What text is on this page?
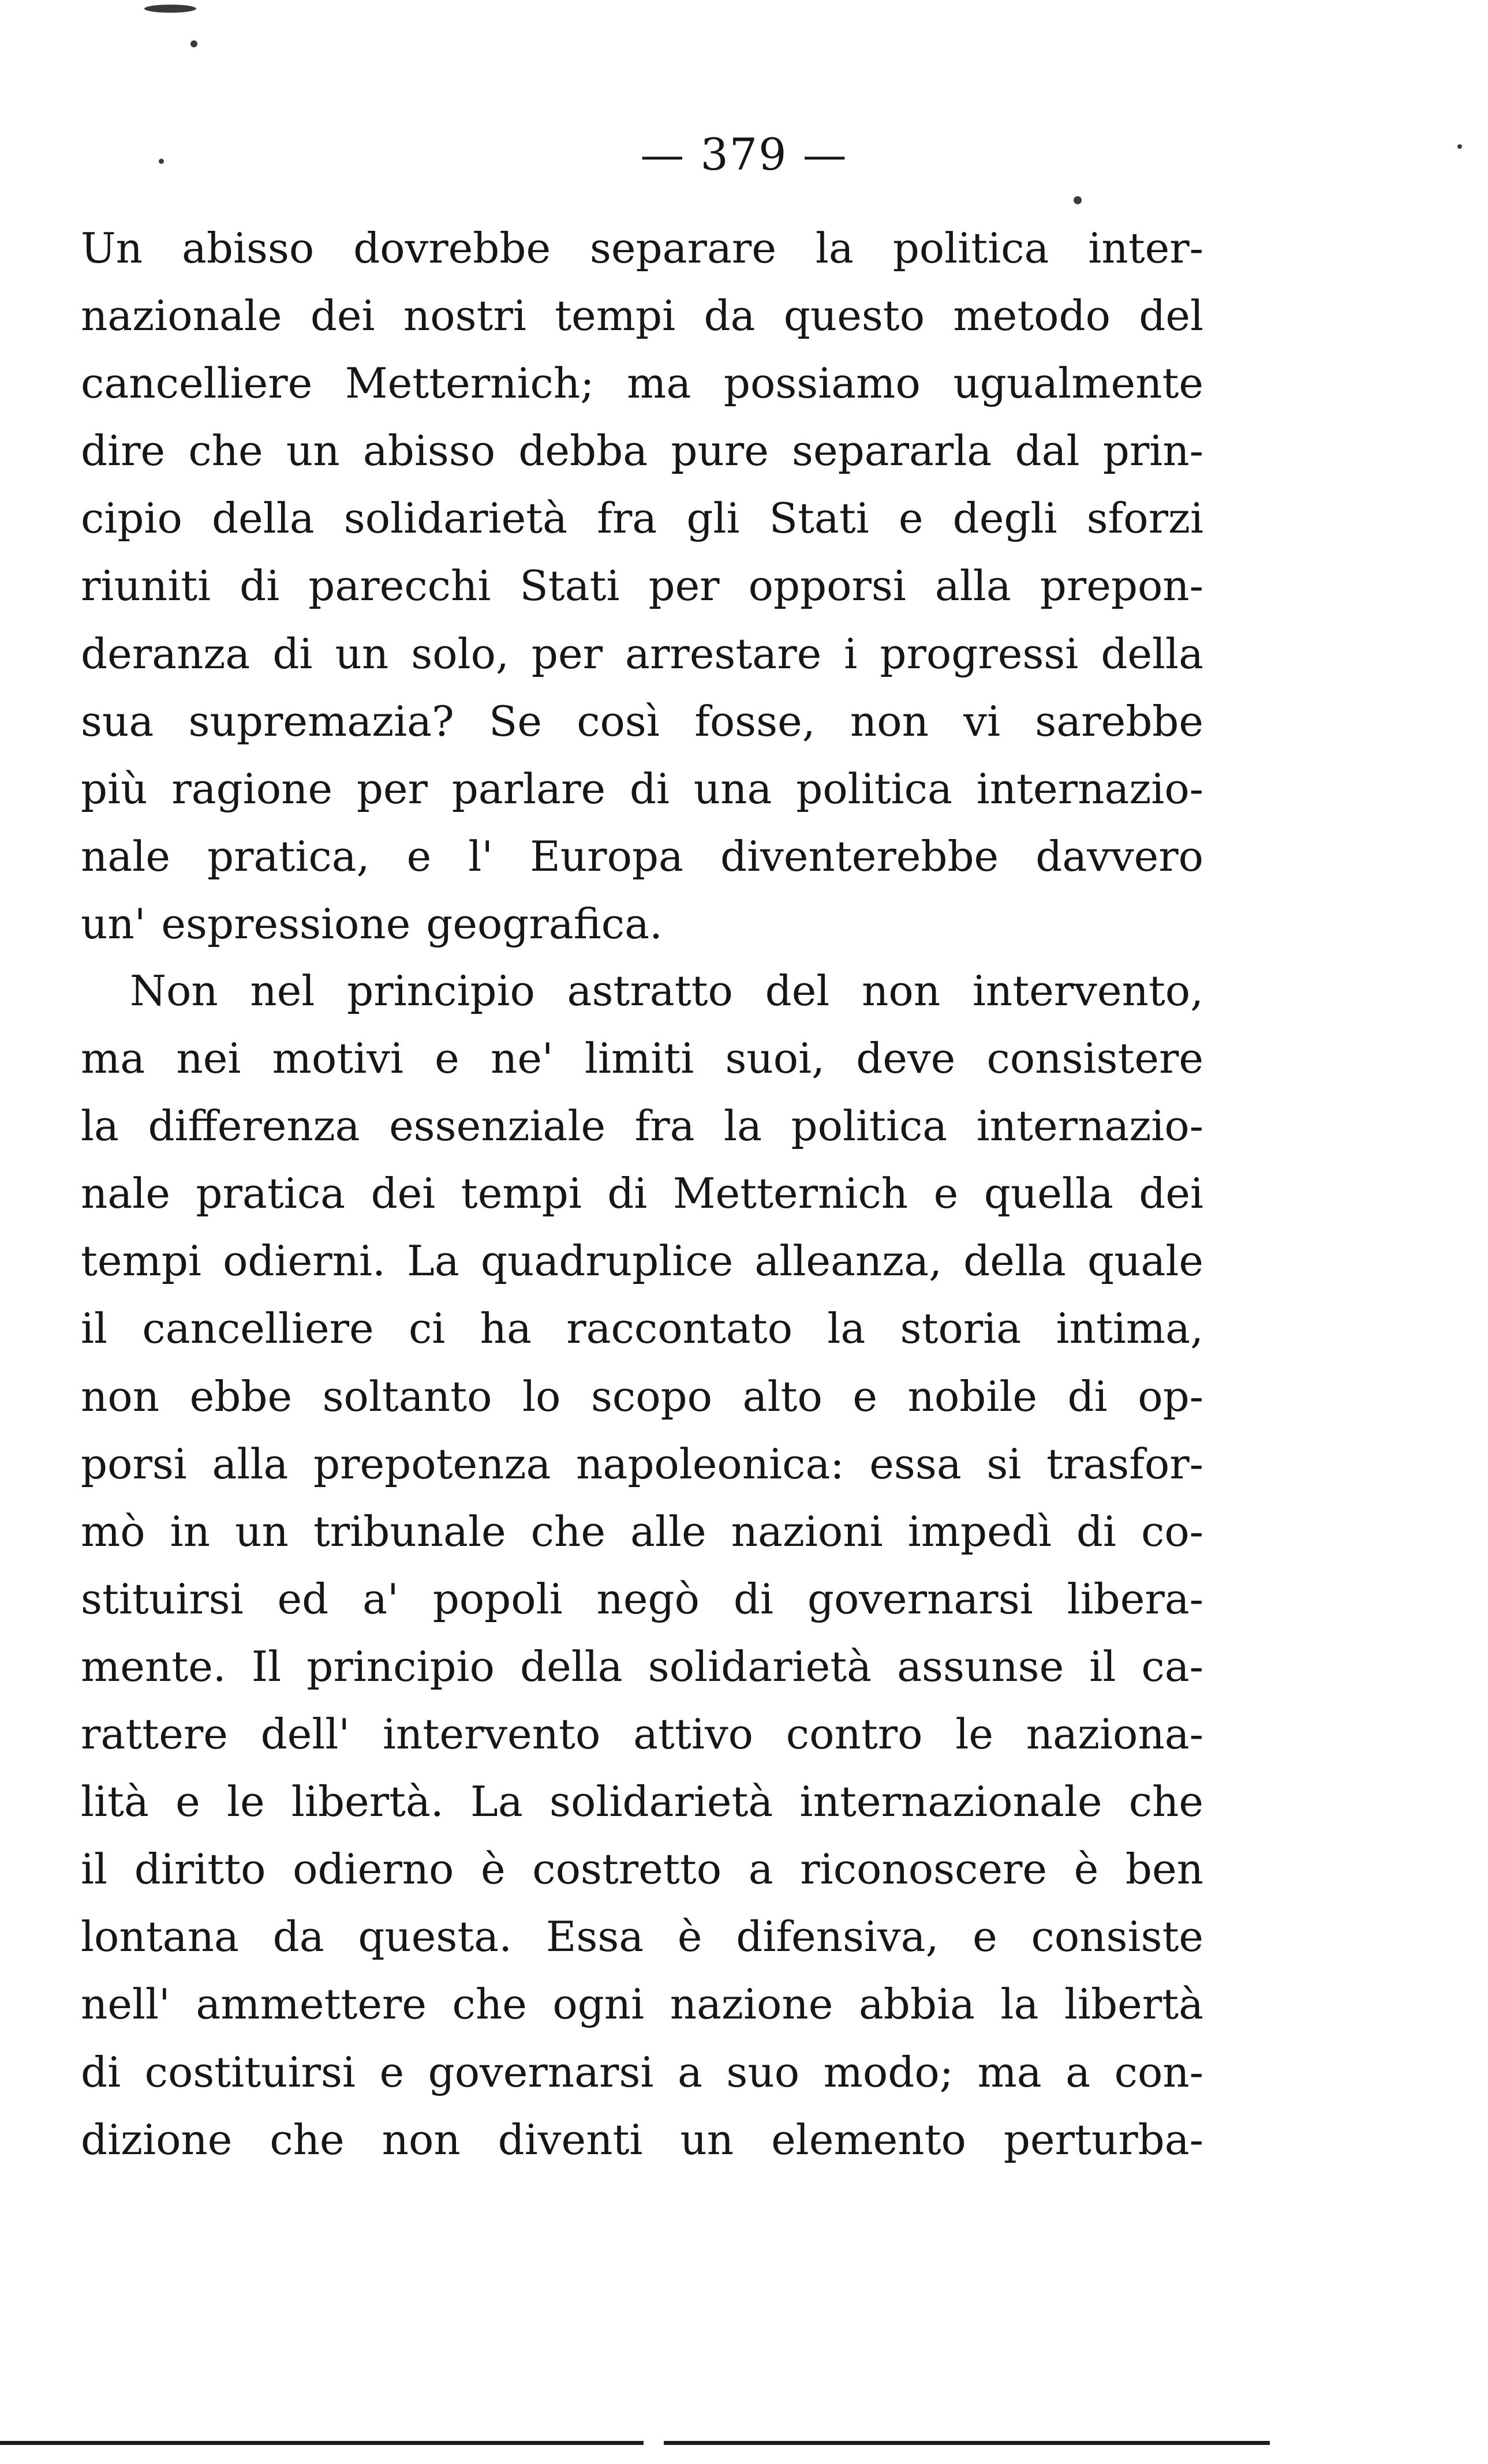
— 379 —
Un abisso dovrebbe separare la politica inter-
nazionale dei nostri tempi da questo metodo del
cancelliere Metternich; ma possiamo ugualmente
dire che un abisso debba pure separarla dal prin-
cipio della solidarietà fra gli Stati e degli sforzi
riuniti di parecchi Stati per opporsi alla prepon-
deranza di un solo, per arrestare i progressi della
sua supremazia? Se così fosse, non vi sarebbe
più ragione per parlare di una politica internazio-
nale pratica, e l' Europa diventerebbe davvero
un' espressione geografica.
Non nel principio astratto del non intervento,
ma nei motivi e ne' limiti suoi, deve consistere
la differenza essenziale fra la politica internazio-
nale pratica dei tempi di Metternich e quella dei
tempi odierni. La quadruplice alleanza, della quale
il cancelliere ci ha raccontato la storia intima,
non ebbe soltanto lo scopo alto e nobile di op-
porsi alla prepotenza napoleonica: essa si trasfor-
mò in un tribunale che alle nazioni impedì di co-
stituirsi ed a' popoli negò di governarsi libera-
mente. Il principio della solidarietà assunse il ca-
rattere dell' intervento attivo contro le naziona-
lità e le libertà. La solidarietà internazionale che
il diritto odierno è costretto a riconoscere è ben
lontana da questa. Essa è difensiva, e consiste
nell' ammettere che ogni nazione abbia la libertà
di costituirsi e governarsi a suo modo; ma a con-
dizione che non diventi un elemento perturba-
